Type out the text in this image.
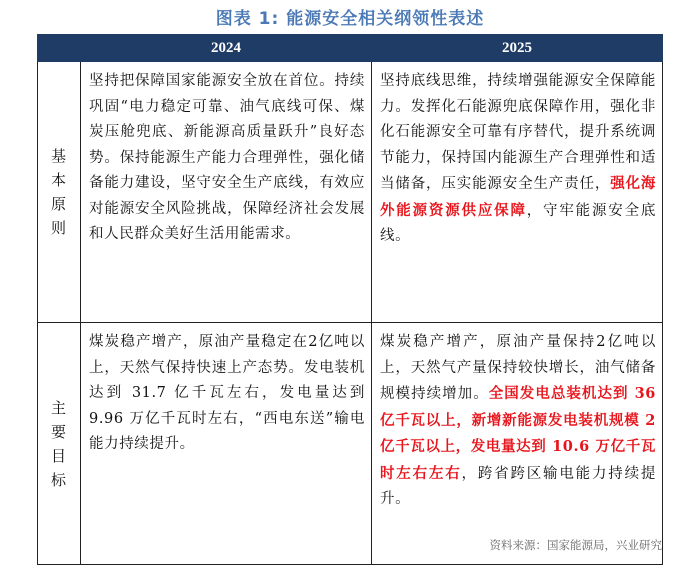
图表 1: 能源安全相关纲领性表述
	2024	2025
基本原则	坚持把保障国家能源安全放在首位。持续巩固“电力稳定可靠、油气底线可保、煤炭压舱兜底、新能源高质量跃升”良好态势。保持能源生产能力合理弹性，强化储备能力建设，坚守安全生产底线，有效应对能源安全风险挑战，保障经济社会发展和人民群众美好生活用能需求。	坚持底线思维，持续增强能源安全保障能力。发挥化石能源兜底保障作用，强化非化石能源安全可靠有序替代，提升系统调节能力，保持国内能源生产合理弹性和适当储备，压实能源安全生产责任，强化海外能源资源供应保障，守牢能源安全底线。
主要目标	煤炭稳产增产，原油产量稳定在2亿吨以上，天然气保持快速上产态势。发电装机达到 31.7 亿千瓦左右，发电量达到 9.96 万亿千瓦时左右，“西电东送”输电能力持续提升。	煤炭稳产增产，原油产量保持2亿吨以上，天然气产量保持较快增长，油气储备规模持续增加。全国发电总装机达到 36 亿千瓦以上，新增新能源发电装机规模 2 亿千瓦以上，发电量达到 10.6 万亿千瓦时左右左右，跨省跨区输电能力持续提升。
资料来源：国家能源局，兴业研究
